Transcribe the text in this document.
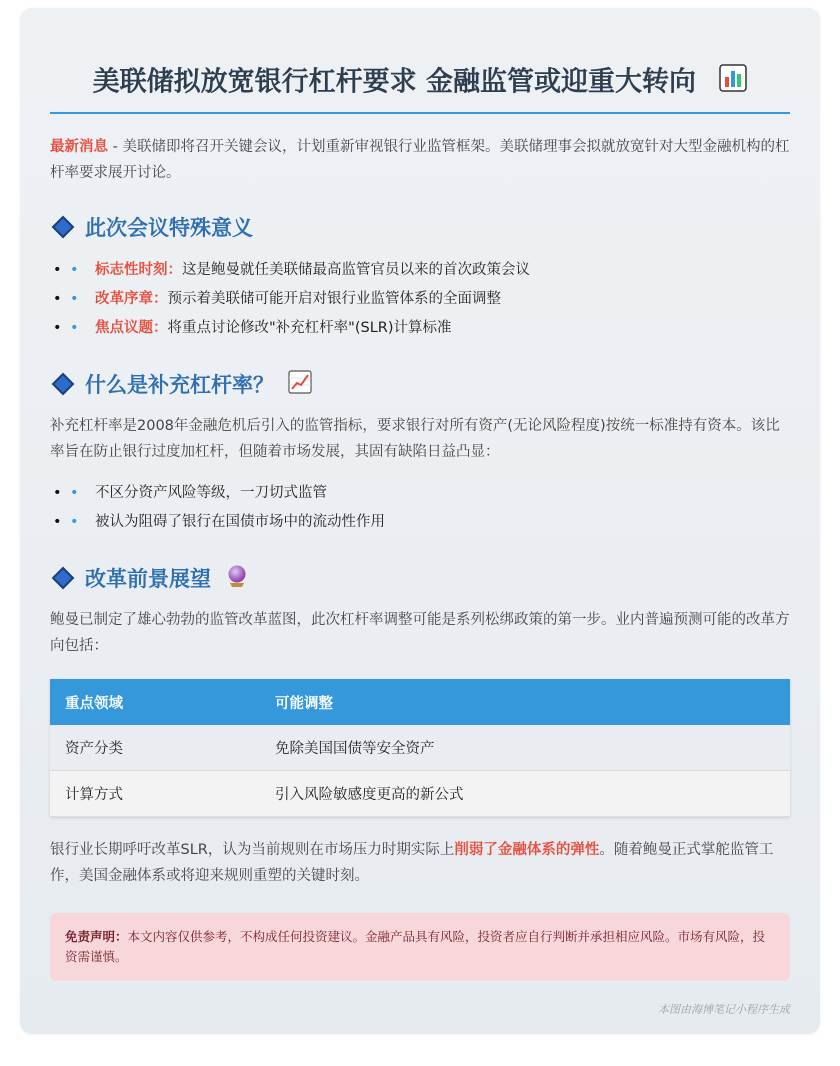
美联储拟放宽银行杠杆要求 金融监管或迎重大转向
最新消息 - 美联储即将召开关键会议，计划重新审视银行业监管框架。美联储理事会拟就放宽针对大型金融机构的杠杆率要求展开讨论。
此次会议特殊意义
• 标志性时刻：这是鲍曼就任美联储最高监管官员以来的首次政策会议 •
• 改革序章：预示着美联储可能开启对银行业监管体系的全面调整 •
• 焦点议题：将重点讨论修改"补充杠杆率"(SLR)计算标准 •
什么是补充杠杆率？
补充杠杆率是2008年金融危机后引入的监管指标，要求银行对所有资产(无论风险程度)按统一标准持有资本。该比率旨在防止银行过度加杠杆，但随着市场发展，其固有缺陷日益凸显：
• 不区分资产风险等级，一刀切式监管 •
• 被认为阻碍了银行在国债市场中的流动性作用 •
改革前景展望
鲍曼已制定了雄心勃勃的监管改革蓝图，此次杠杆率调整可能是系列松绑政策的第一步。业内普遍预测可能的改革方向包括：
重点领域	可能调整
资产分类	免除美国国债等安全资产
计算方式	引入风险敏感度更高的新公式
银行业长期呼吁改革SLR，认为当前规则在市场压力时期实际上削弱了金融体系的弹性。随着鲍曼正式掌舵监管工作，美国金融体系或将迎来规则重塑的关键时刻。
免责声明：本文内容仅供参考，不构成任何投资建议。金融产品具有风险，投资者应自行判断并承担相应风险。市场有风险，投资需谨慎。
本图由海博笔记小程序生成
